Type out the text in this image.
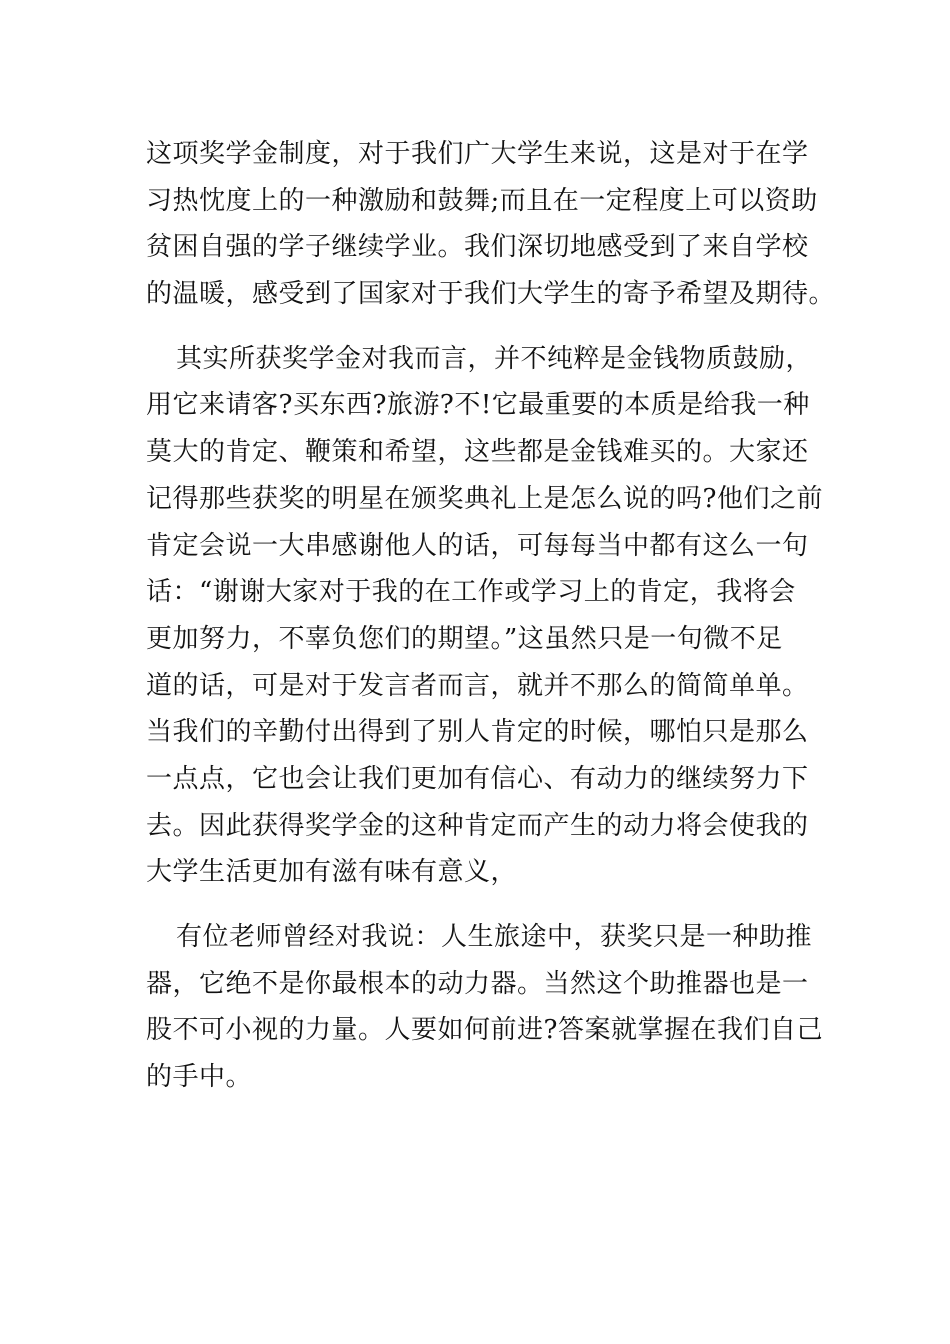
这项奖学金制度，对于我们广大学生来说，这是对于在学
习热忱度上的一种激励和鼓舞;而且在一定程度上可以资助
贫困自强的学子继续学业。我们深切地感受到了来自学校
的温暖，感受到了国家对于我们大学生的寄予希望及期待。
其实所获奖学金对我而言，并不纯粹是金钱物质鼓励，
用它来请客?买东西?旅游?不!它最重要的本质是给我一种
莫大的肯定、鞭策和希望，这些都是金钱难买的。大家还
记得那些获奖的明星在颁奖典礼上是怎么说的吗?他们之前
肯定会说一大串感谢他人的话，可每每当中都有这么一句
话：“谢谢大家对于我的在工作或学习上的肯定，我将会
更加努力，不辜负您们的期望。”这虽然只是一句微不足
道的话，可是对于发言者而言，就并不那么的简简单单。
当我们的辛勤付出得到了别人肯定的时候，哪怕只是那么
一点点，它也会让我们更加有信心、有动力的继续努力下
去。因此获得奖学金的这种肯定而产生的动力将会使我的
大学生活更加有滋有味有意义，
有位老师曾经对我说：人生旅途中，获奖只是一种助推
器，它绝不是你最根本的动力器。当然这个助推器也是一
股不可小视的力量。人要如何前进?答案就掌握在我们自己
的手中。
